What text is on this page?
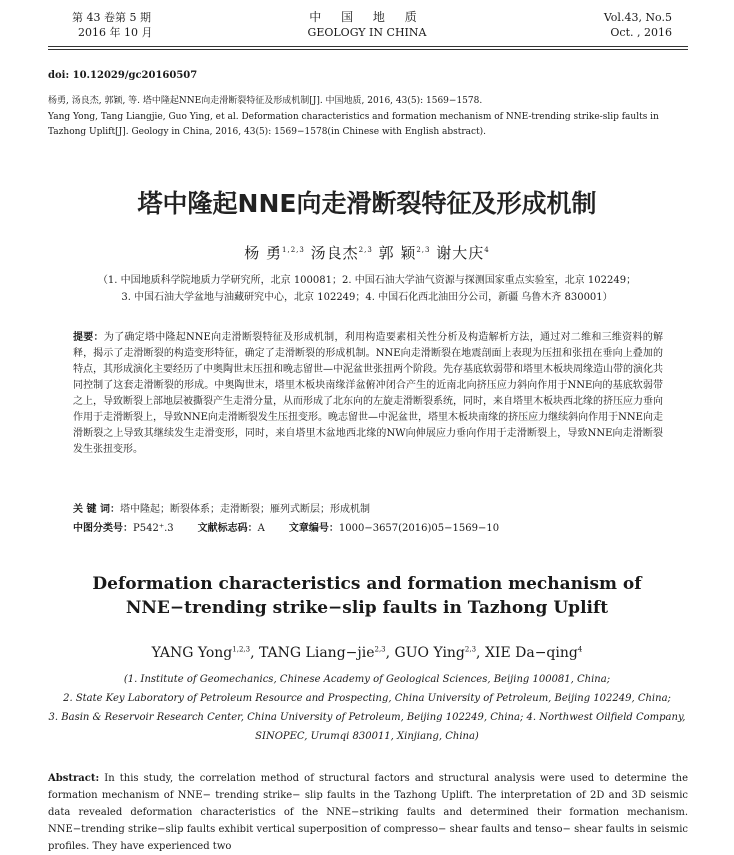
第 43 卷第 5 期
2016 年 10 月
中 国 地 质
GEOLOGY IN CHINA
Vol.43, No.5
Oct. , 2016
doi: 10.12029/gc20160507
杨勇, 汤良杰, 郭颖, 等. 塔中隆起NNE向走滑断裂特征及形成机制[J]. 中国地质, 2016, 43(5): 1569−1578.
Yang Yong, Tang Liangjie, Guo Ying, et al. Deformation characteristics and formation mechanism of NNE-trending strike-slip faults in Tazhong Uplift[J]. Geology in China, 2016, 43(5): 1569−1578(in Chinese with English abstract).
塔中隆起NNE向走滑断裂特征及形成机制
杨 勇$^{1,2,3}$ 汤良杰$^{2,3}$ 郭 颖$^{2,3}$ 谢大庆$^4$
（1. 中国地质科学院地质力学研究所，北京 100081；2. 中国石油大学油气资源与探测国家重点实验室，北京 102249；
3. 中国石油大学盆地与油藏研究中心，北京 102249；4. 中国石化西北油田分公司，新疆 乌鲁木齐 830001）
提要：为了确定塔中隆起NNE向走滑断裂特征及形成机制，利用构造要素相关性分析及构造解析方法，通过对二维和三维资料的解释，揭示了走滑断裂的构造变形特征，确定了走滑断裂的形成机制。NNE向走滑断裂在地震剖面上表现为压扭和张扭在垂向上叠加的特点，其形成演化主要经历了中奥陶世末压扭和晚志留世—中泥盆世张扭两个阶段。先存基底软弱带和塔里木板块周缘造山带的演化共同控制了这套走滑断裂的形成。中奥陶世末，塔里木板块南缘洋盆俯冲闭合产生的近南北向挤压应力斜向作用于NNE向的基底软弱带之上，导致断裂上部地层被撕裂产生走滑分量，从而形成了北东向的左旋走滑断裂系统，同时，来自塔里木板块西北缘的挤压应力垂向作用于走滑断裂上，导致NNE向走滑断裂发生压扭变形。晚志留世—中泥盆世，塔里木板块南缘的挤压应力继续斜向作用于NNE向走滑断裂之上导致其继续发生走滑变形，同时，来自塔里木盆地西北缘的NW向伸展应力垂向作用于走滑断裂上，导致NNE向走滑断裂发生张扭变形。
关 键 词：塔中隆起；断裂体系；走滑断裂；雁列式断层；形成机制
中图分类号：P542⁺.3 文献标志码：A 文章编号：1000−3657(2016)05−1569−10
Deformation characteristics and formation mechanism of NNE−trending strike−slip faults in Tazhong Uplift
YANG Yong$^{1,2,3}$, TANG Liang−jie$^{2,3}$, GUO Ying$^{2,3}$, XIE Da−qing$^4$
(1. Institute of Geomechanics, Chinese Academy of Geological Sciences, Beijing 100081, China;
2. State Key Laboratory of Petroleum Resource and Prospecting, China University of Petroleum, Beijing 102249, China;
3. Basin & Reservoir Research Center, China University of Petroleum, Beijing 102249, China; 4. Northwest Oilfield Company,
SINOPEC, Urumqi 830011, Xinjiang, China)
Abstract: In this study, the correlation method of structural factors and structural analysis were used to determine the formation mechanism of NNE− trending strike− slip faults in the Tazhong Uplift. The interpretation of 2D and 3D seismic data revealed deformation characteristics of the NNE−striking faults and determined their formation mechanism. NNE−trending strike−slip faults exhibit vertical superposition of compresso− shear faults and tenso− shear faults in seismic profiles. They have experienced two
